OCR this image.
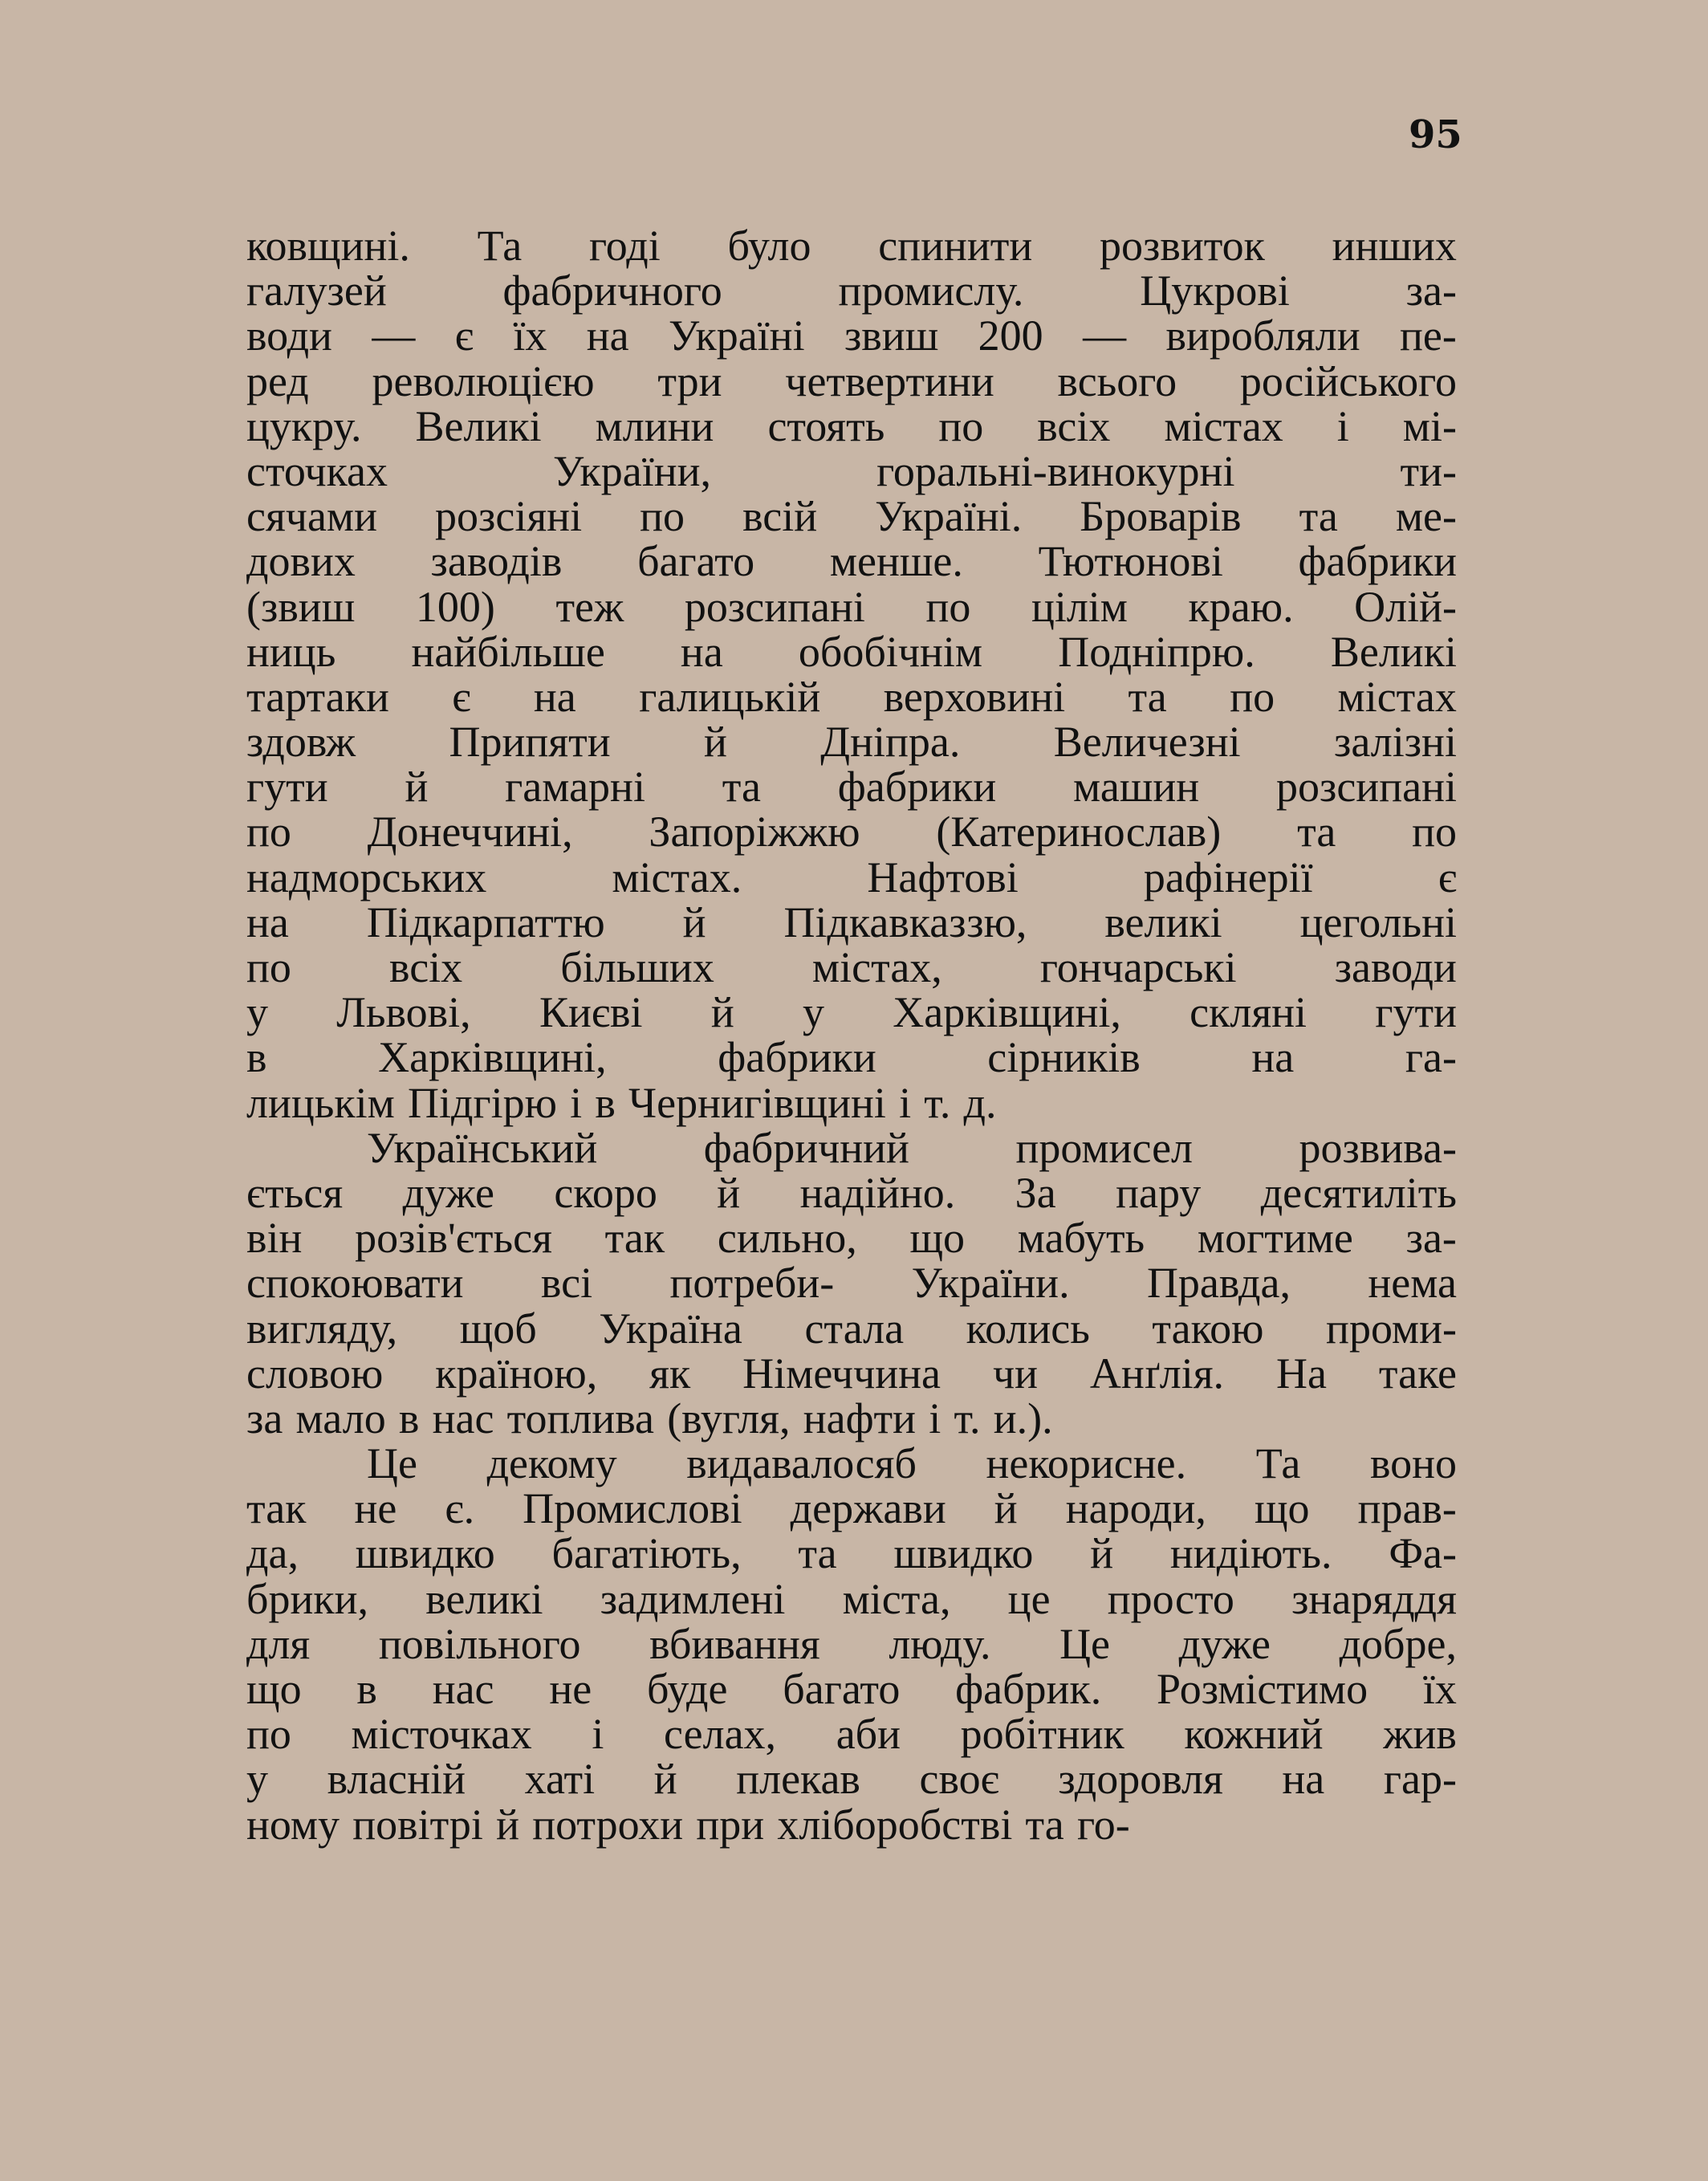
95
ковщині. Та годі було спинити розвиток инших
галузей	фабричного	промислу.	Цукрові	за-
води — є їх на Україні звиш 200 — виробляли пе-
ред революцією три четвертини всього російського
цукру. Великі млини стоять по всіх містах і мі-
сточках	України,	горальні-винокурні	ти-
сячами розсіяні по всій Україні. Броварів та ме-
дових заводів багато менше. Тютюнові фабрики
(звиш 100) теж розсипані по цілім краю. Олій-
ниць найбільше на обобічнім Подніпрю. Великі
тартаки є на галицькій верховині та по містах
здовж Припяти й Дніпра. Величезні залізні
гути й гамарні та фабрики машин розсипані
по Донеччині, Запоріжжю (Катеринослав) та по
надморських	містах.	Нафтові	рафінерії	є
на Підкарпаттю й Підкавказзю, великі цегольні
по всіх більших містах, гончарські заводи
у Львові, Києві й у Харківщині, скляні гути
в	Харківщині,	фабрики	сірників	на	га-
лицькім Підгірю і в Чернигівщині і т. д.
Український фабричний промисел розвива-
ється дуже скоро й надійно. За пару десятиліть
він розів'ється так сильно, що мабуть могтиме за-
спокоювати всі потреби- України. Правда, нема
вигляду, щоб Україна стала колись такою проми-
словою країною, як Німеччина чи Анґлія. На таке
за мало в нас топлива (вугля, нафти і т. и.).
Це декому видавалосяб некорисне. Та воно
так не є. Промислові держави й народи, що прав-
да, швидко багатіють, та швидко й нидіють. Фа-
брики, великі задимлені міста, це просто знаряддя
для повільного вбивання люду. Це дуже добре,
що в нас не буде багато фабрик. Розмістимо їх
по місточках і селах, аби робітник кожний жив
у власній хаті й плекав своє здоровля на гар-
ному повітрі й потрохи при хліборобстві та го-
